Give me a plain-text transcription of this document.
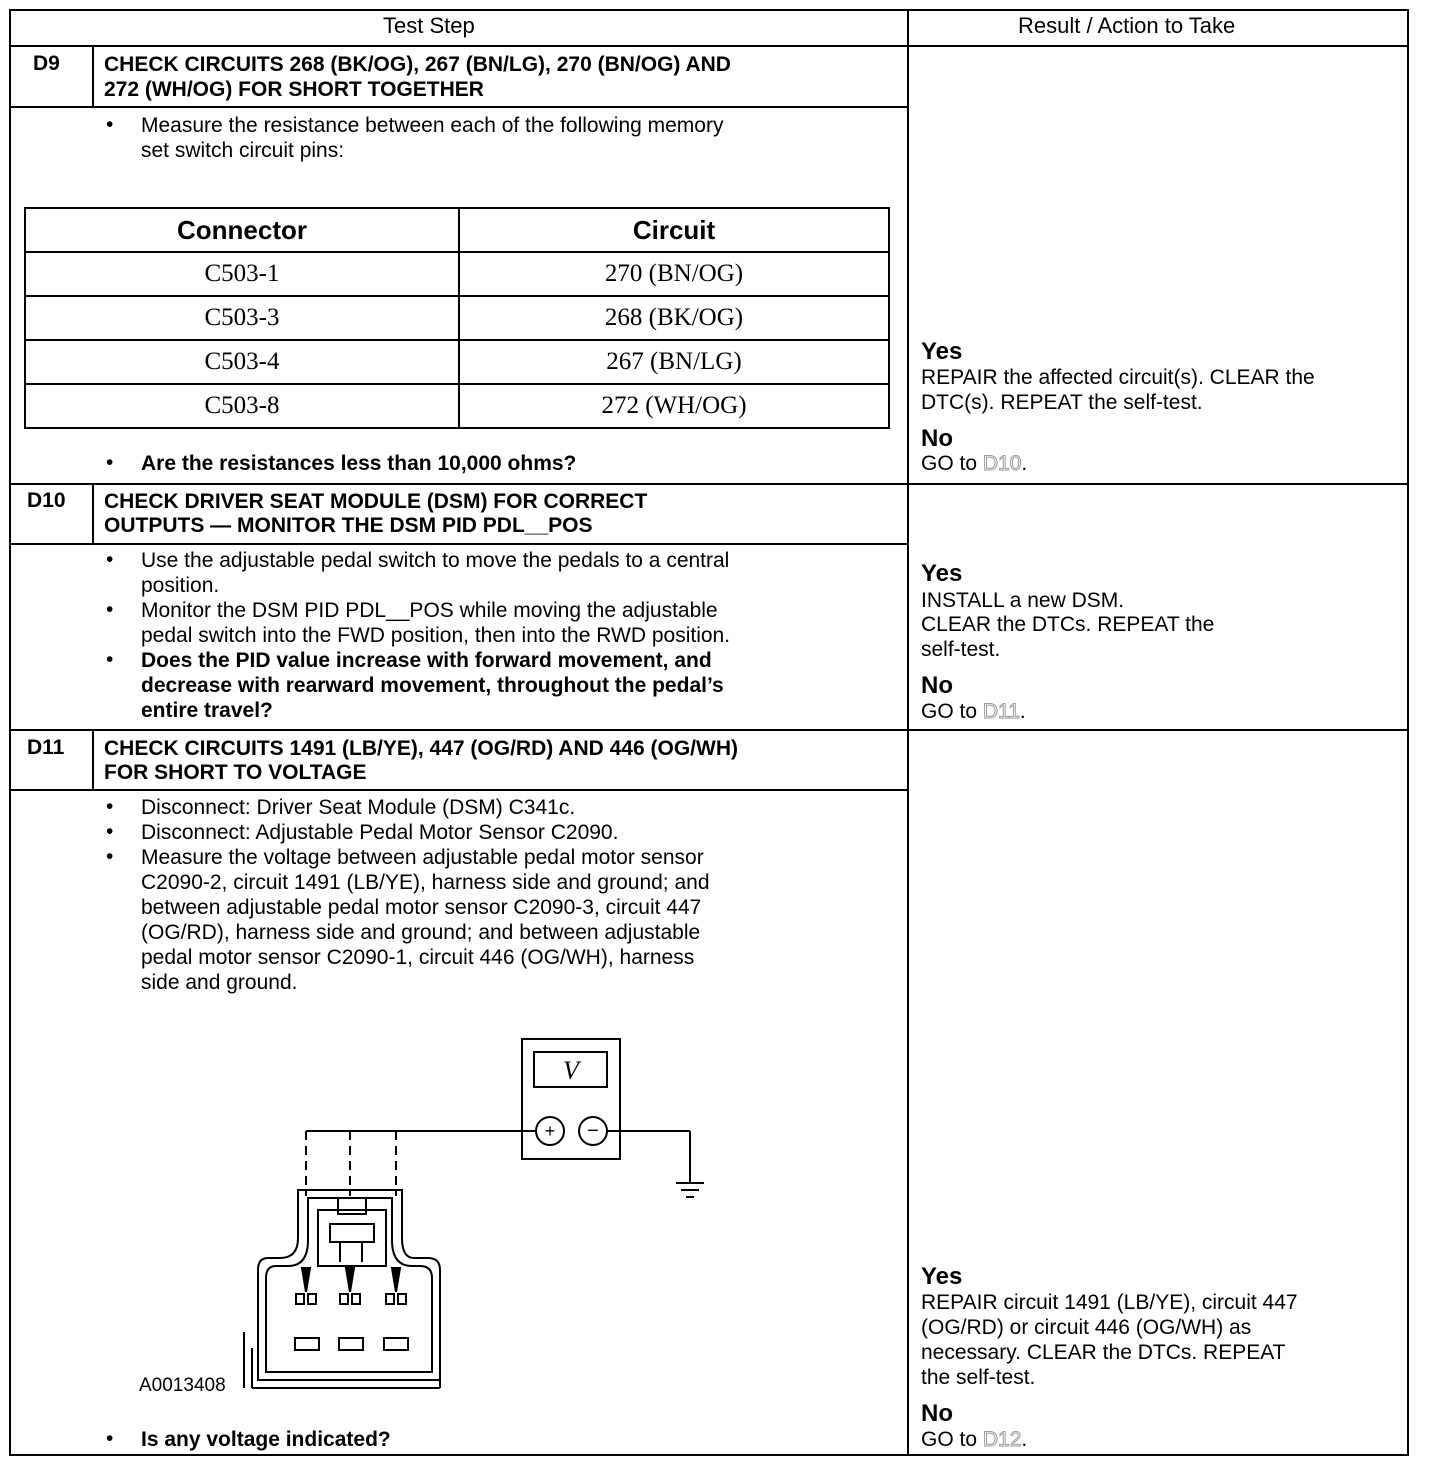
Test Step	Result / Action to Take
D9 CHECK CIRCUITS 268 (BK/OG), 267 (BN/LG), 270 (BN/OG) AND
272 (WH/OG) FOR SHORT TOGETHER
• Measure the resistance between each of the following memory
set switch circuit pins:
Connector	Circuit
C503-1	270 (BN/OG)
C503-3	268 (BK/OG)
C503-4	267 (BN/LG)
C503-8	272 (WH/OG)
• Are the resistances less than 10,000 ohms?
Yes
REPAIR the affected circuit(s). CLEAR the
DTC(s). REPEAT the self-test.
No
GO to D10.
D10 CHECK DRIVER SEAT MODULE (DSM) FOR CORRECT
OUTPUTS — MONITOR THE DSM PID PDL__POS
• Use the adjustable pedal switch to move the pedals to a central
position.
• Monitor the DSM PID PDL__POS while moving the adjustable
pedal switch into the FWD position, then into the RWD position.
• Does the PID value increase with forward movement, and
decrease with rearward movement, throughout the pedal’s
entire travel?
Yes
INSTALL a new DSM.
CLEAR the DTCs. REPEAT the
self-test.
No
GO to D11.
D11 CHECK CIRCUITS 1491 (LB/YE), 447 (OG/RD) AND 446 (OG/WH)
FOR SHORT TO VOLTAGE
• Disconnect: Driver Seat Module (DSM) C341c.
• Disconnect: Adjustable Pedal Motor Sensor C2090.
• Measure the voltage between adjustable pedal motor sensor
C2090-2, circuit 1491 (LB/YE), harness side and ground; and
between adjustable pedal motor sensor C2090-3, circuit 447
(OG/RD), harness side and ground; and between adjustable
pedal motor sensor C2090-1, circuit 446 (OG/WH), harness
side and ground.
V
+ −
A0013408
• Is any voltage indicated?
Yes
REPAIR circuit 1491 (LB/YE), circuit 447
(OG/RD) or circuit 446 (OG/WH) as
necessary. CLEAR the DTCs. REPEAT
the self-test.
No
GO to D12.
